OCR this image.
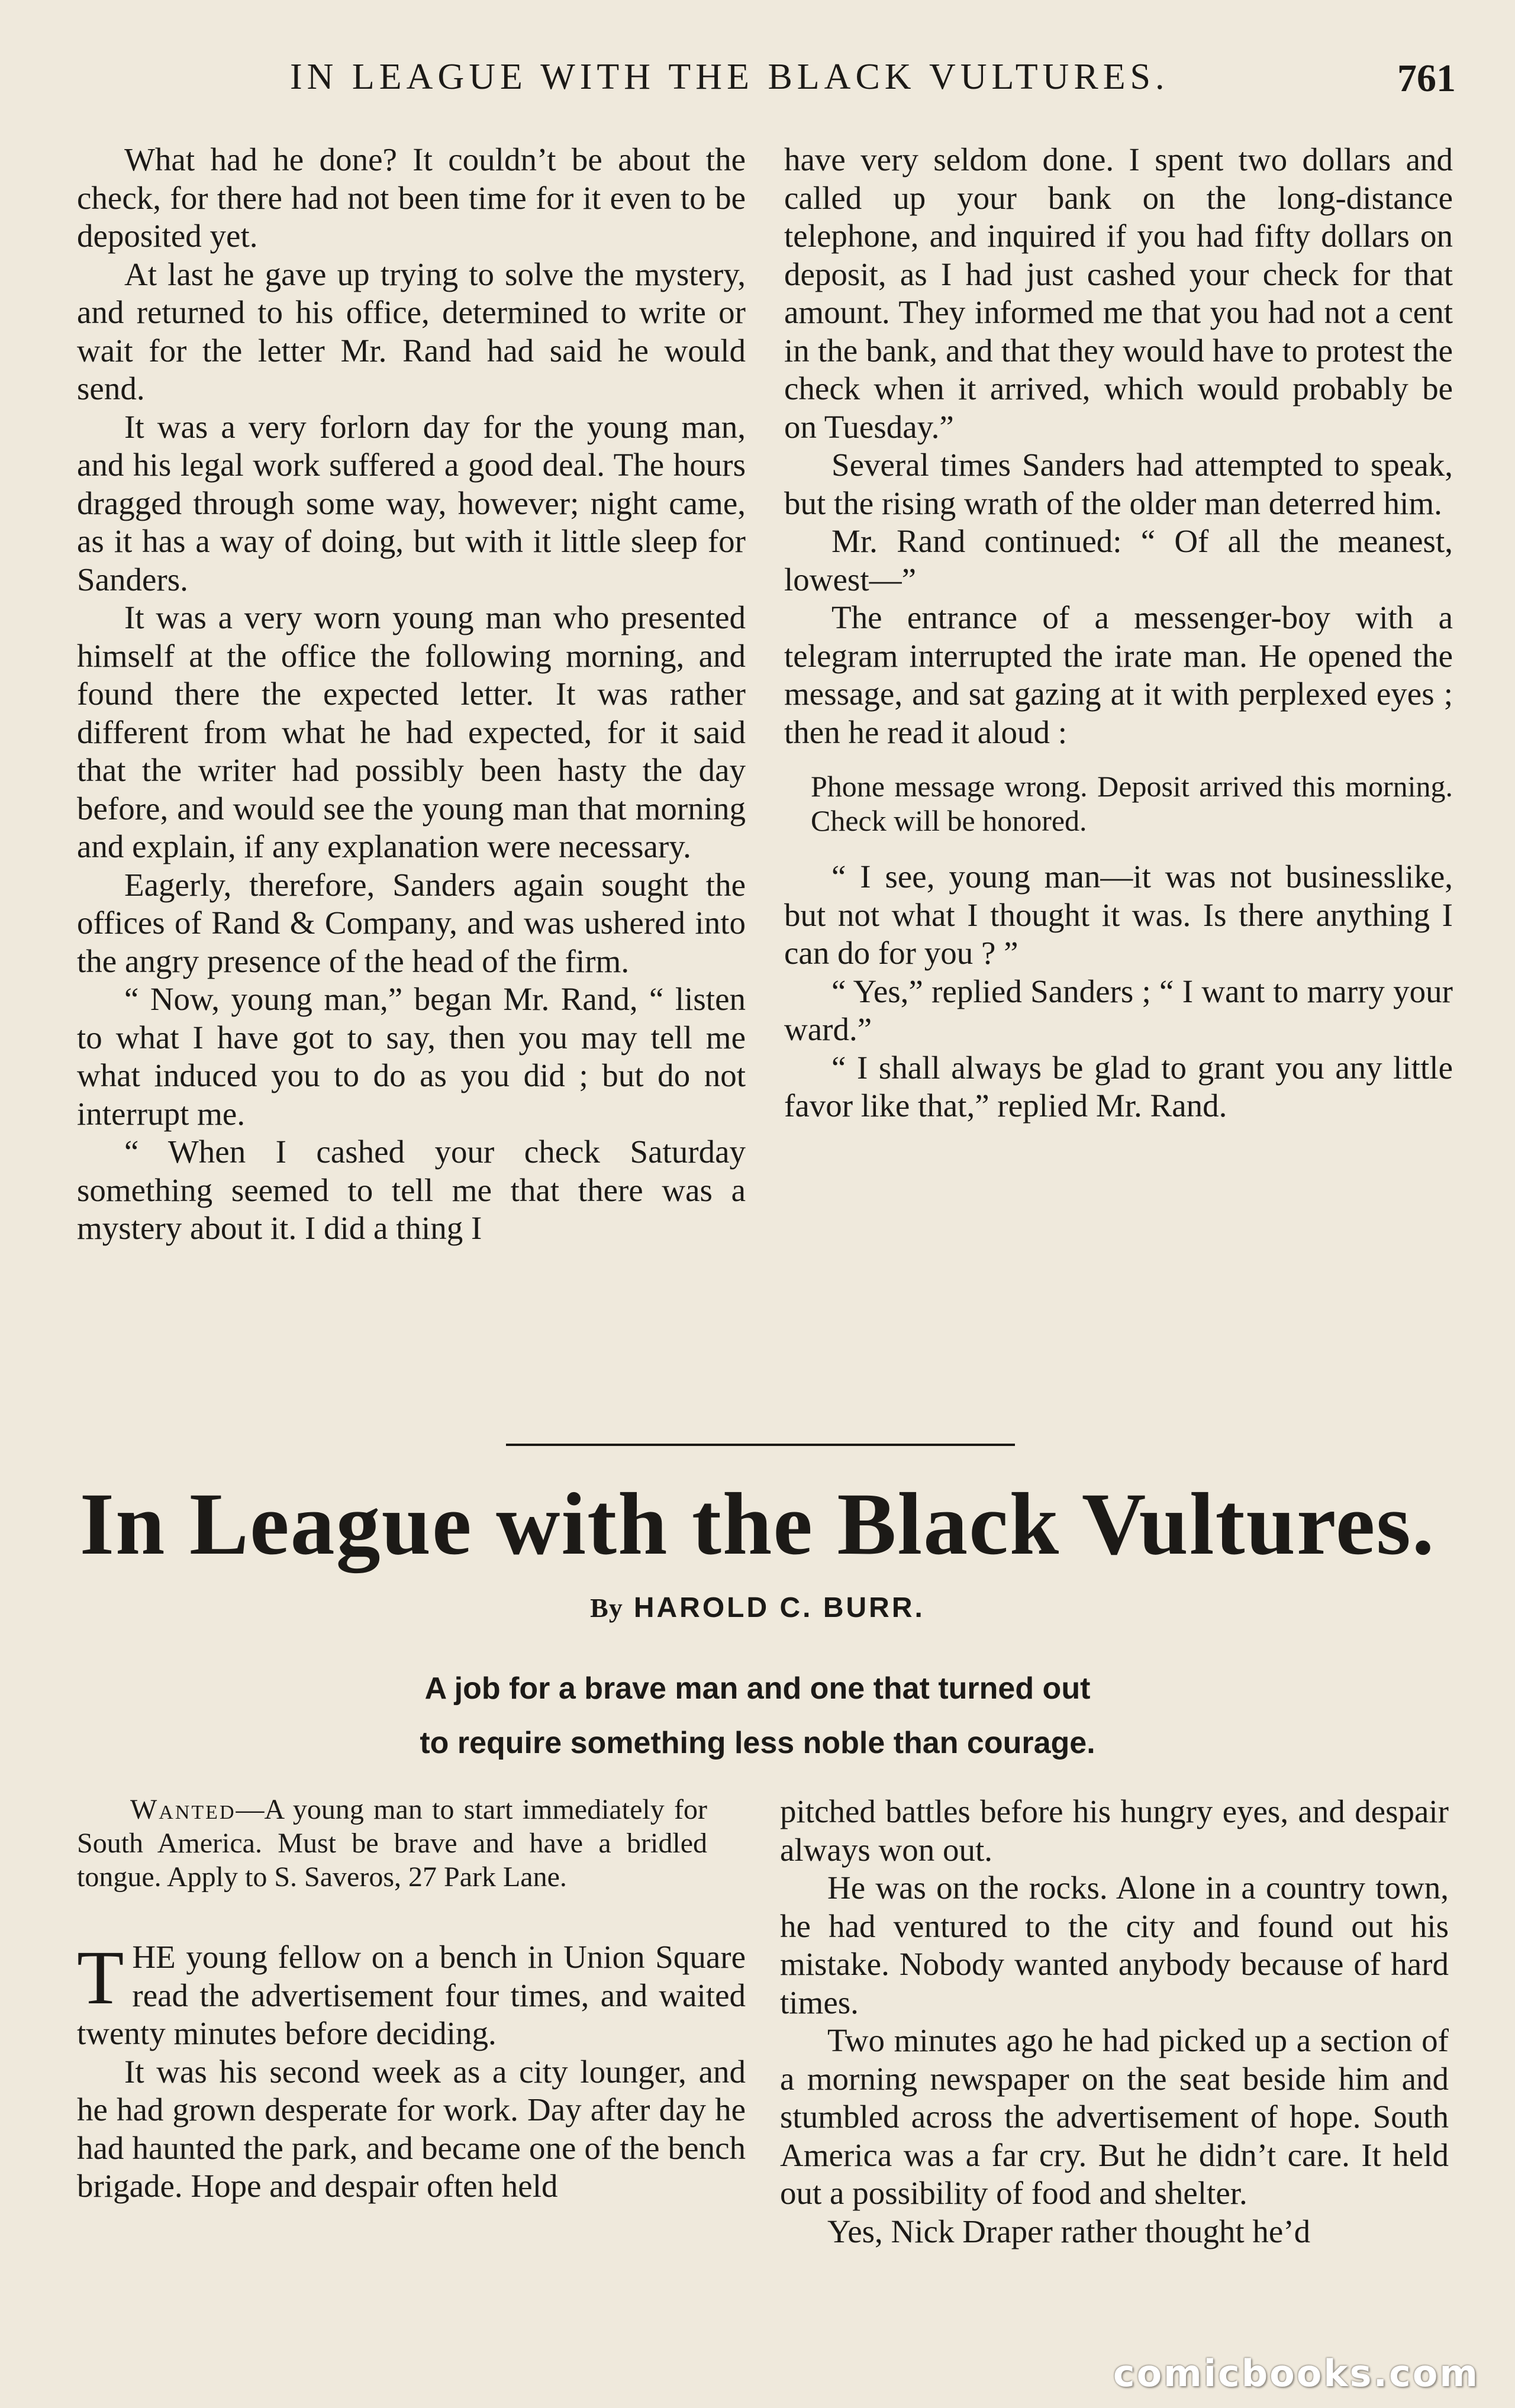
IN LEAGUE WITH THE BLACK VULTURES.	761

What had he done? It couldn’t be about the check, for there had not been time for it even to be deposited yet.

At last he gave up trying to solve the mystery, and returned to his office, determined to write or wait for the letter Mr. Rand had said he would send.

It was a very forlorn day for the young man, and his legal work suffered a good deal. The hours dragged through some way, however; night came, as it has a way of doing, but with it little sleep for Sanders.

It was a very worn young man who presented himself at the office the following morning, and found there the expected letter. It was rather different from what he had expected, for it said that the writer had possibly been hasty the day before, and would see the young man that morning and explain, if any explanation were necessary.

Eagerly, therefore, Sanders again sought the offices of Rand & Company, and was ushered into the angry presence of the head of the firm.

“ Now, young man,” began Mr. Rand, “ listen to what I have got to say, then you may tell me what induced you to do as you did ; but do not interrupt me.

“ When I cashed your check Saturday something seemed to tell me that there was a mystery about it. I did a thing I

have very seldom done. I spent two dollars and called up your bank on the long-distance telephone, and inquired if you had fifty dollars on deposit, as I had just cashed your check for that amount. They informed me that you had not a cent in the bank, and that they would have to protest the check when it arrived, which would probably be on Tuesday.”

Several times Sanders had attempted to speak, but the rising wrath of the older man deterred him.

Mr. Rand continued: “ Of all the meanest, lowest—”

The entrance of a messenger-boy with a telegram interrupted the irate man. He opened the message, and sat gazing at it with perplexed eyes ; then he read it aloud :

Phone message wrong. Deposit arrived this morning. Check will be honored.

“ I see, young man—it was not businesslike, but not what I thought it was. Is there anything I can do for you ? ”

“ Yes,” replied Sanders ; “ I want to marry your ward.”

“ I shall always be glad to grant you any little favor like that,” replied Mr. Rand.

In League with the Black Vultures.
By HAROLD C. BURR.
A job for a brave man and one that turned out
to require something less noble than courage.

Wanted—A young man to start immediately for South America. Must be brave and have a bridled tongue. Apply to S. Saveros, 27 Park Lane.

THE young fellow on a bench in Union Square read the advertisement four times, and waited twenty minutes before deciding.

It was his second week as a city lounger, and he had grown desperate for work. Day after day he had haunted the park, and became one of the bench brigade. Hope and despair often held

pitched battles before his hungry eyes, and despair always won out.

He was on the rocks. Alone in a country town, he had ventured to the city and found out his mistake. Nobody wanted anybody because of hard times.

Two minutes ago he had picked up a section of a morning newspaper on the seat beside him and stumbled across the advertisement of hope. South America was a far cry. But he didn’t care. It held out a possibility of food and shelter.

Yes, Nick Draper rather thought he’d

comicbooks.com
